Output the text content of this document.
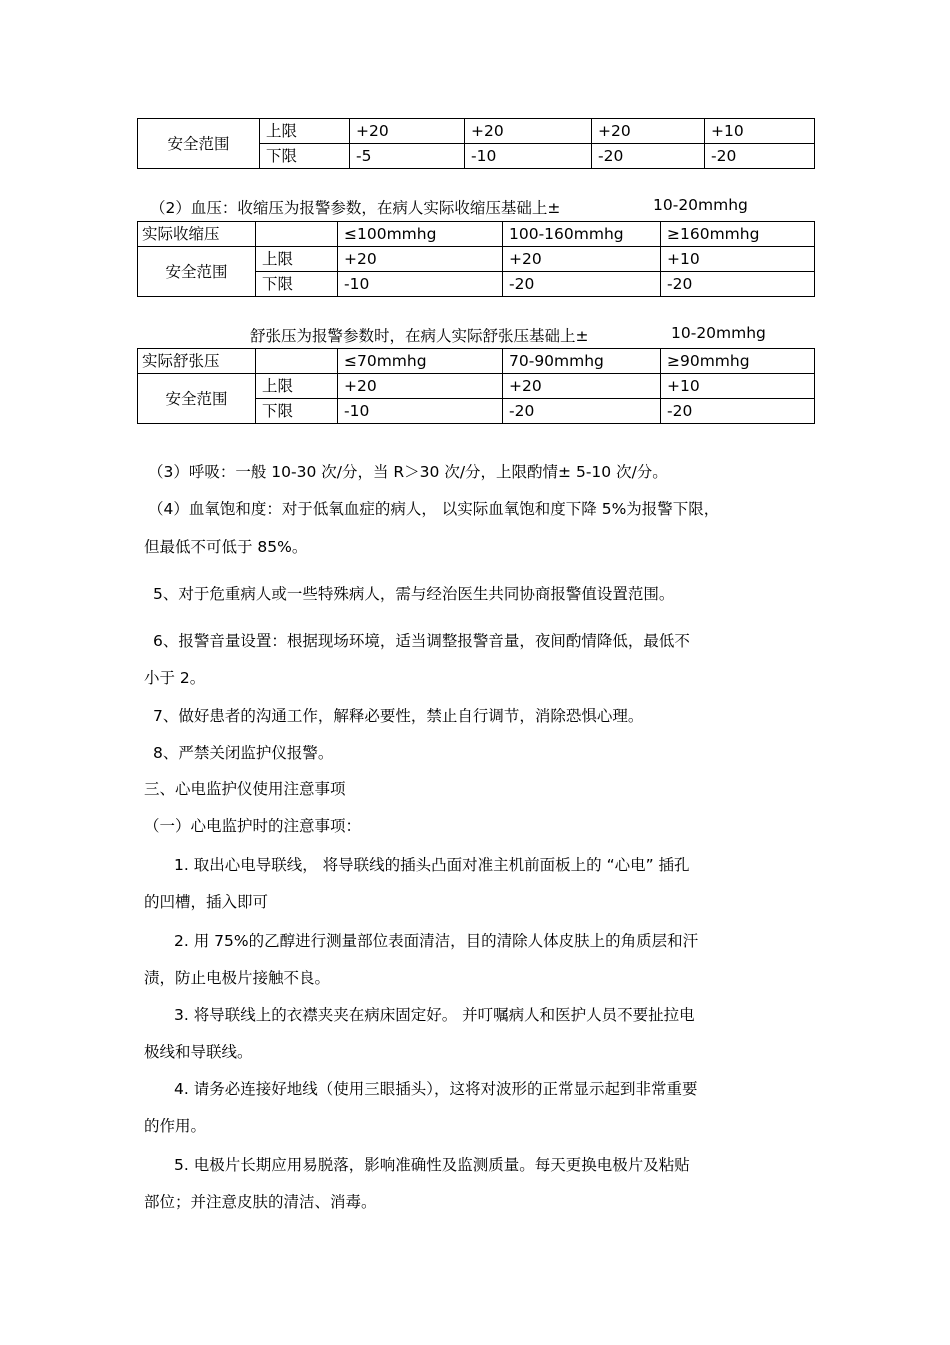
安全范围	上限	+20	+20	+20	+10
	下限	-5	-10	-20	-20
（2）血压：收缩压为报警参数，在病人实际收缩压基础上±	10-20mmhg
实际收缩压		≤100mmhg	100-160mmhg	≥160mmhg
安全范围	上限	+20	+20	+10
	下限	-10	-20	-20
舒张压为报警参数时，在病人实际舒张压基础上±	10-20mmhg
实际舒张压		≤70mmhg	70-90mmhg	≥90mmhg
安全范围	上限	+20	+20	+10
	下限	-10	-20	-20
（3）呼吸：一般 10-30 次/分，当 R＞30 次/分，上限酌情± 5-10 次/分。
（4）血氧饱和度：对于低氧血症的病人， 以实际血氧饱和度下降 5%为报警下限，
但最低不可低于 85%。
5、对于危重病人或一些特殊病人，需与经治医生共同协商报警值设置范围。
6、报警音量设置：根据现场环境，适当调整报警音量，夜间酌情降低，最低不
小于 2。
7、做好患者的沟通工作，解释必要性，禁止自行调节，消除恐惧心理。
8、严禁关闭监护仪报警。
三、心电监护仪使用注意事项
（一）心电监护时的注意事项：
1. 取出心电导联线， 将导联线的插头凸面对准主机前面板上的 “心电” 插孔
的凹槽，插入即可
2. 用 75%的乙醇进行测量部位表面清洁，目的清除人体皮肤上的角质层和汗
渍，防止电极片接触不良。
3. 将导联线上的衣襟夹夹在病床固定好。 并叮嘱病人和医护人员不要扯拉电
极线和导联线。
4. 请务必连接好地线（使用三眼插头），这将对波形的正常显示起到非常重要
的作用。
5. 电极片长期应用易脱落，影响准确性及监测质量。每天更换电极片及粘贴
部位；并注意皮肤的清洁、消毒。
